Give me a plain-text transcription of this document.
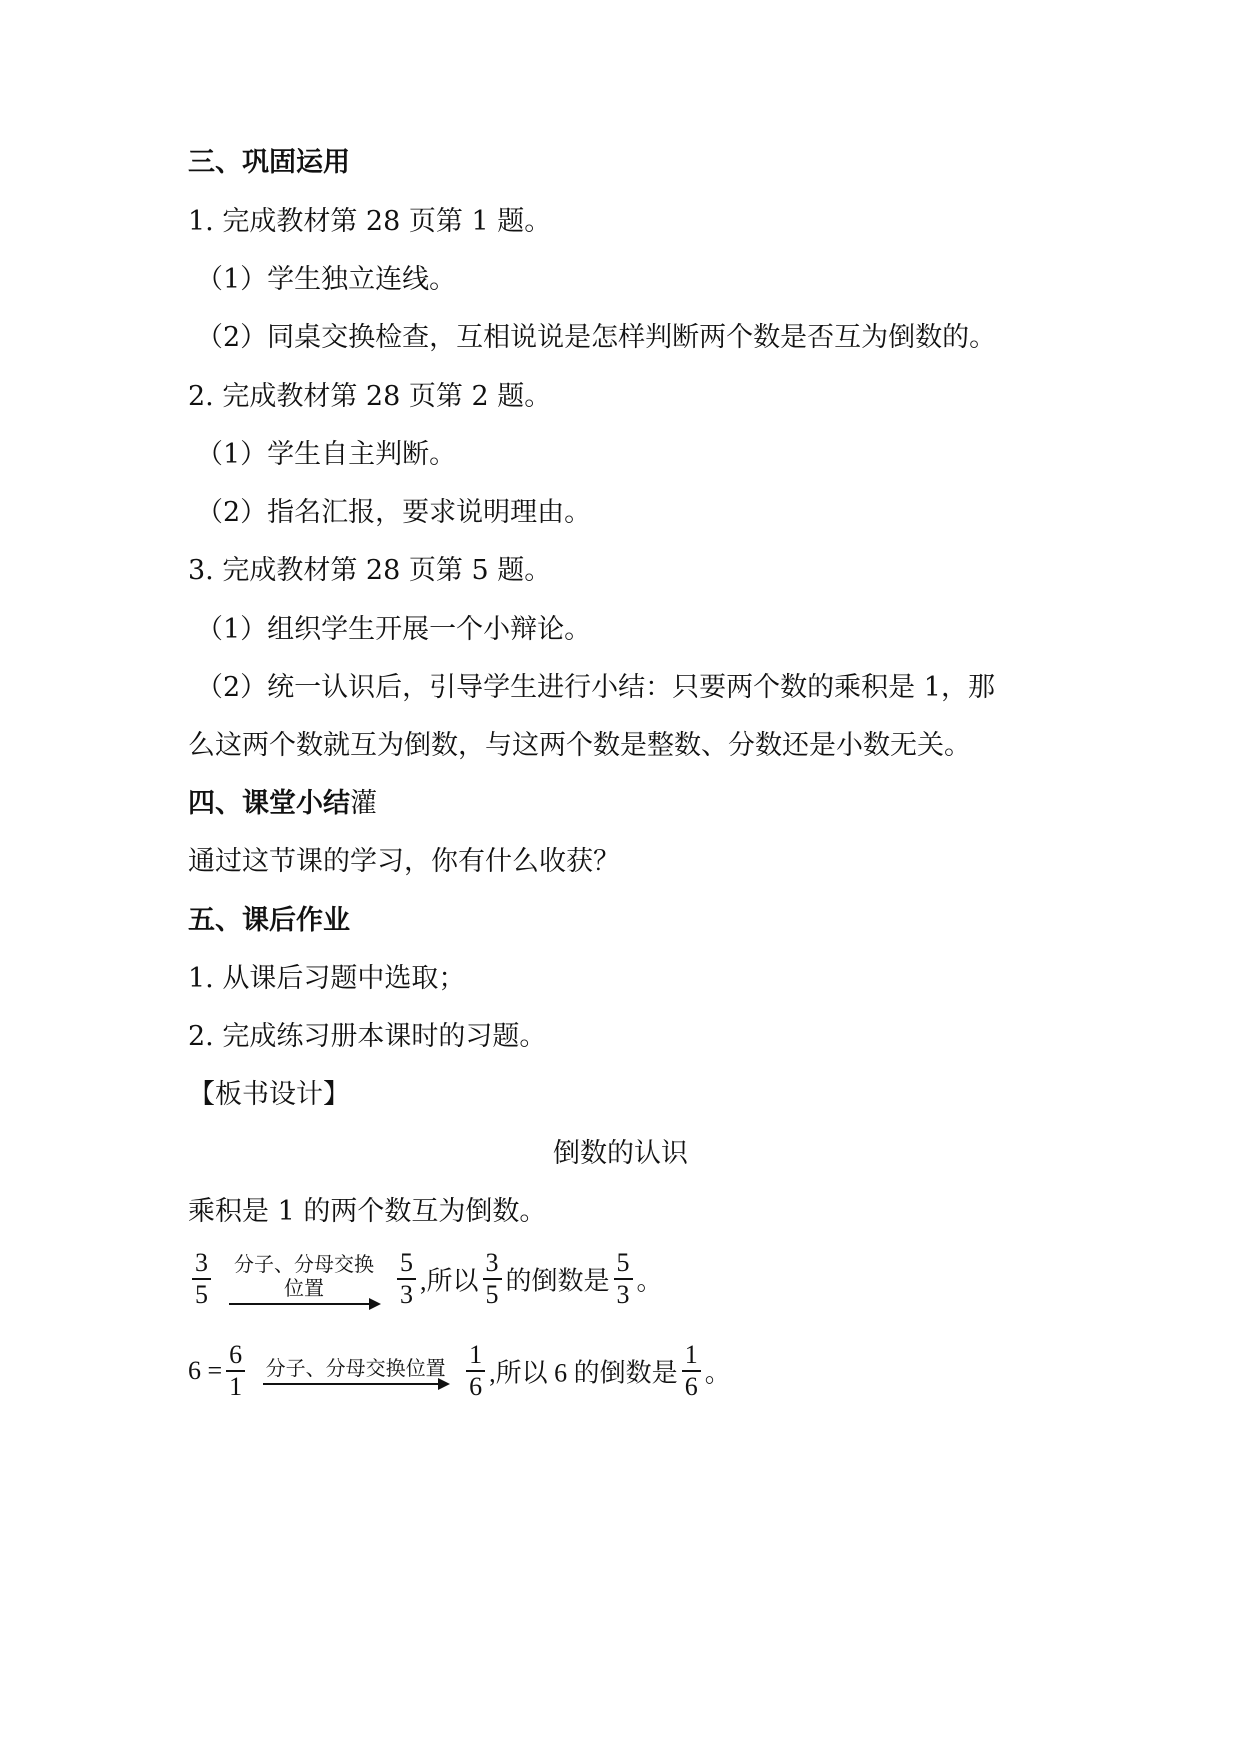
三、巩固运用
1. 完成教材第 28 页第 1 题。
（1）学生独立连线。
（2）同桌交换检查，互相说说是怎样判断两个数是否互为倒数的。
2. 完成教材第 28 页第 2 题。
（1）学生自主判断。
（2）指名汇报，要求说明理由。
3. 完成教材第 28 页第 5 题。
（1）组织学生开展一个小辩论。
（2）统一认识后，引导学生进行小结：只要两个数的乘积是 1，那
么这两个数就互为倒数，与这两个数是整数、分数还是小数无关。
四、课堂小结灌
通过这节课的学习，你有什么收获？
五、课后作业
1. 从课后习题中选取；
2. 完成练习册本课时的习题。
【板书设计】
倒数的认识
乘积是 1 的两个数互为倒数。
$\frac{3}{5}$ 分子、分母交换位置	$\frac{5}{3}$ ,所以 $\frac{3}{5}$ 的倒数是 $\frac{5}{3}$ 。
$6 = \frac{6}{1}$ 分子、分母交换位置 $\frac{1}{6}$ ,所以 6 的倒数是 $\frac{1}{6}$ 。
